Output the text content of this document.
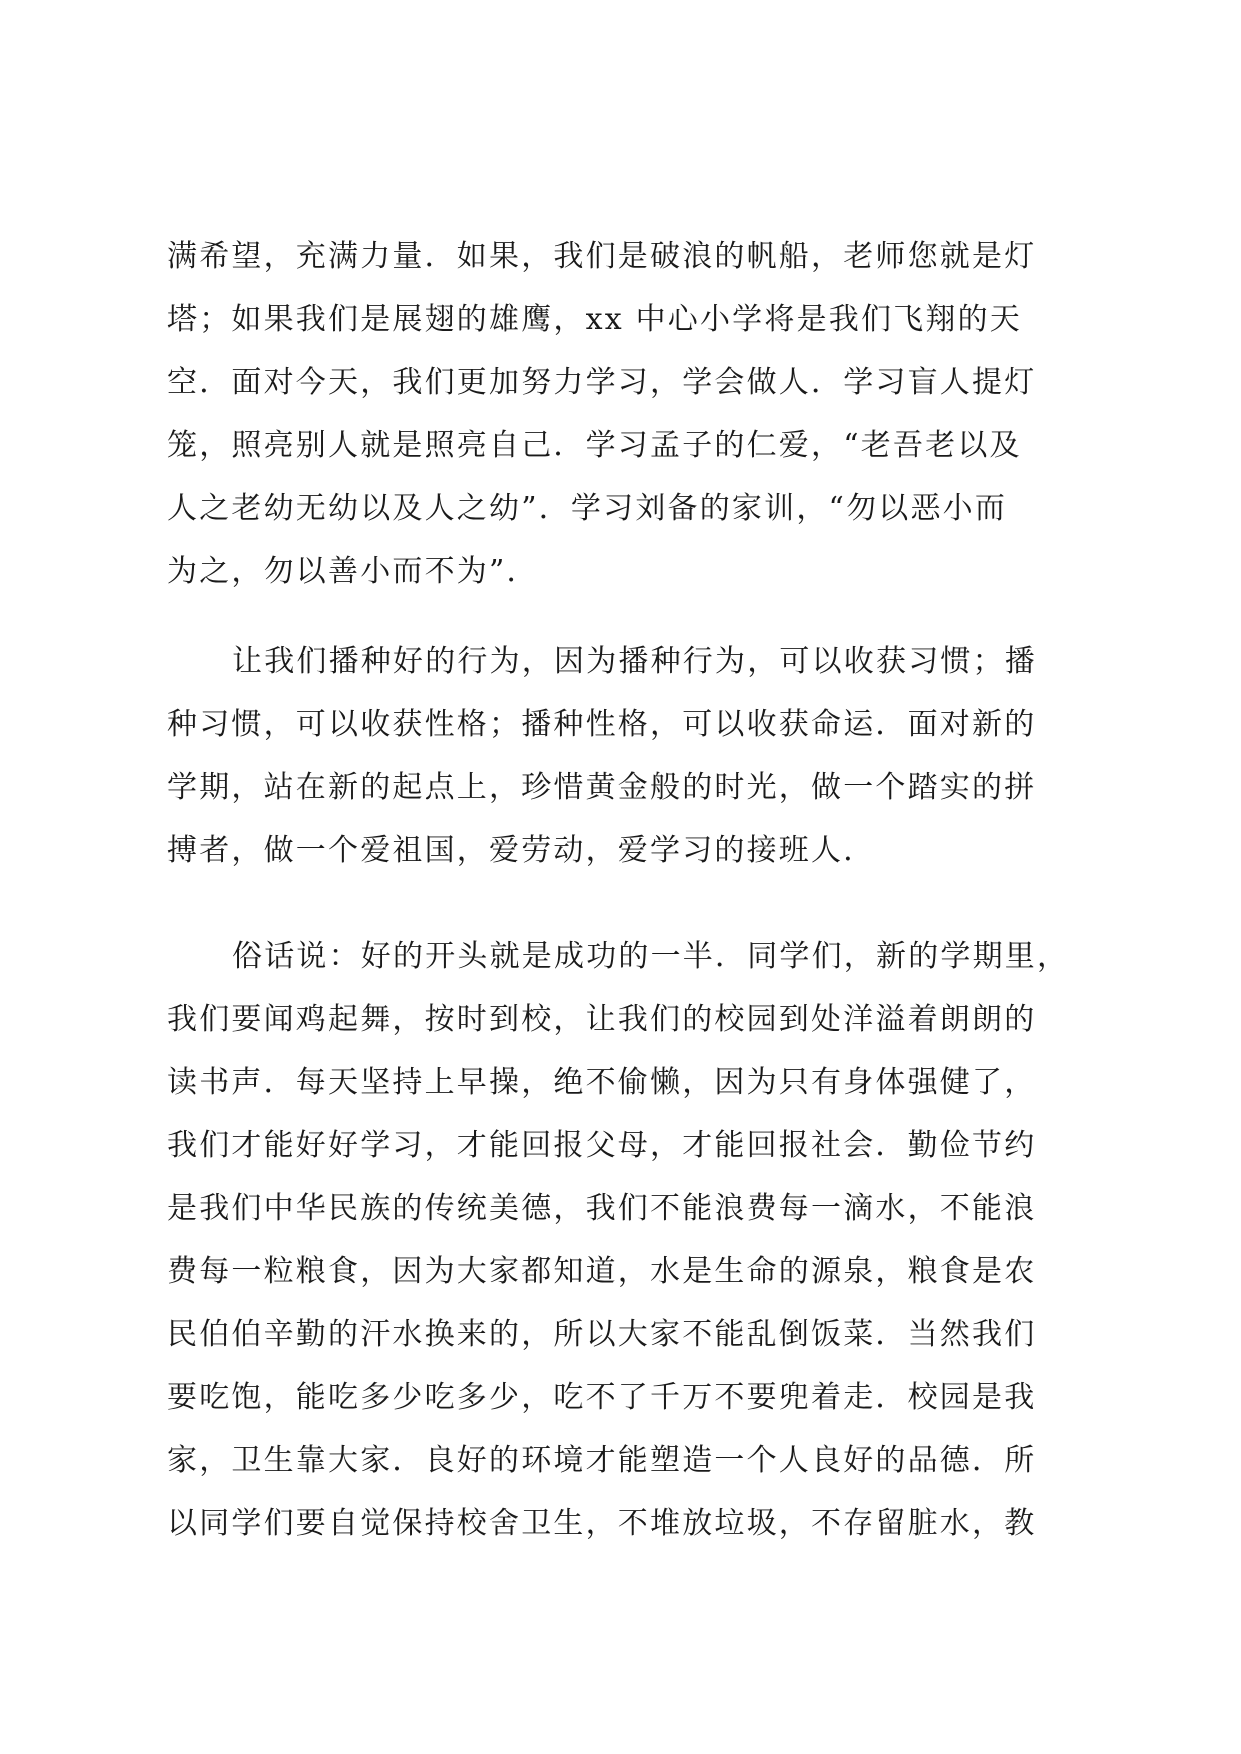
满希望，充满力量．如果，我们是破浪的帆船，老师您就是灯
塔；如果我们是展翅的雄鹰，xx 中心小学将是我们飞翔的天
空．面对今天，我们更加努力学习，学会做人．学习盲人提灯
笼，照亮别人就是照亮自己．学习孟子的仁爱，“老吾老以及
人之老幼无幼以及人之幼”．学习刘备的家训，“勿以恶小而
为之，勿以善小而不为”．
让我们播种好的行为，因为播种行为，可以收获习惯；播
种习惯，可以收获性格；播种性格，可以收获命运．面对新的
学期，站在新的起点上，珍惜黄金般的时光，做一个踏实的拼
搏者，做一个爱祖国，爱劳动，爱学习的接班人．
俗话说：好的开头就是成功的一半．同学们，新的学期里，
我们要闻鸡起舞，按时到校，让我们的校园到处洋溢着朗朗的
读书声．每天坚持上早操，绝不偷懒，因为只有身体强健了，
我们才能好好学习，才能回报父母，才能回报社会．勤俭节约
是我们中华民族的传统美德，我们不能浪费每一滴水，不能浪
费每一粒粮食，因为大家都知道，水是生命的源泉，粮食是农
民伯伯辛勤的汗水换来的，所以大家不能乱倒饭菜．当然我们
要吃饱，能吃多少吃多少，吃不了千万不要兜着走．校园是我
家，卫生靠大家．良好的环境才能塑造一个人良好的品德．所
以同学们要自觉保持校舍卫生，不堆放垃圾，不存留脏水，教
